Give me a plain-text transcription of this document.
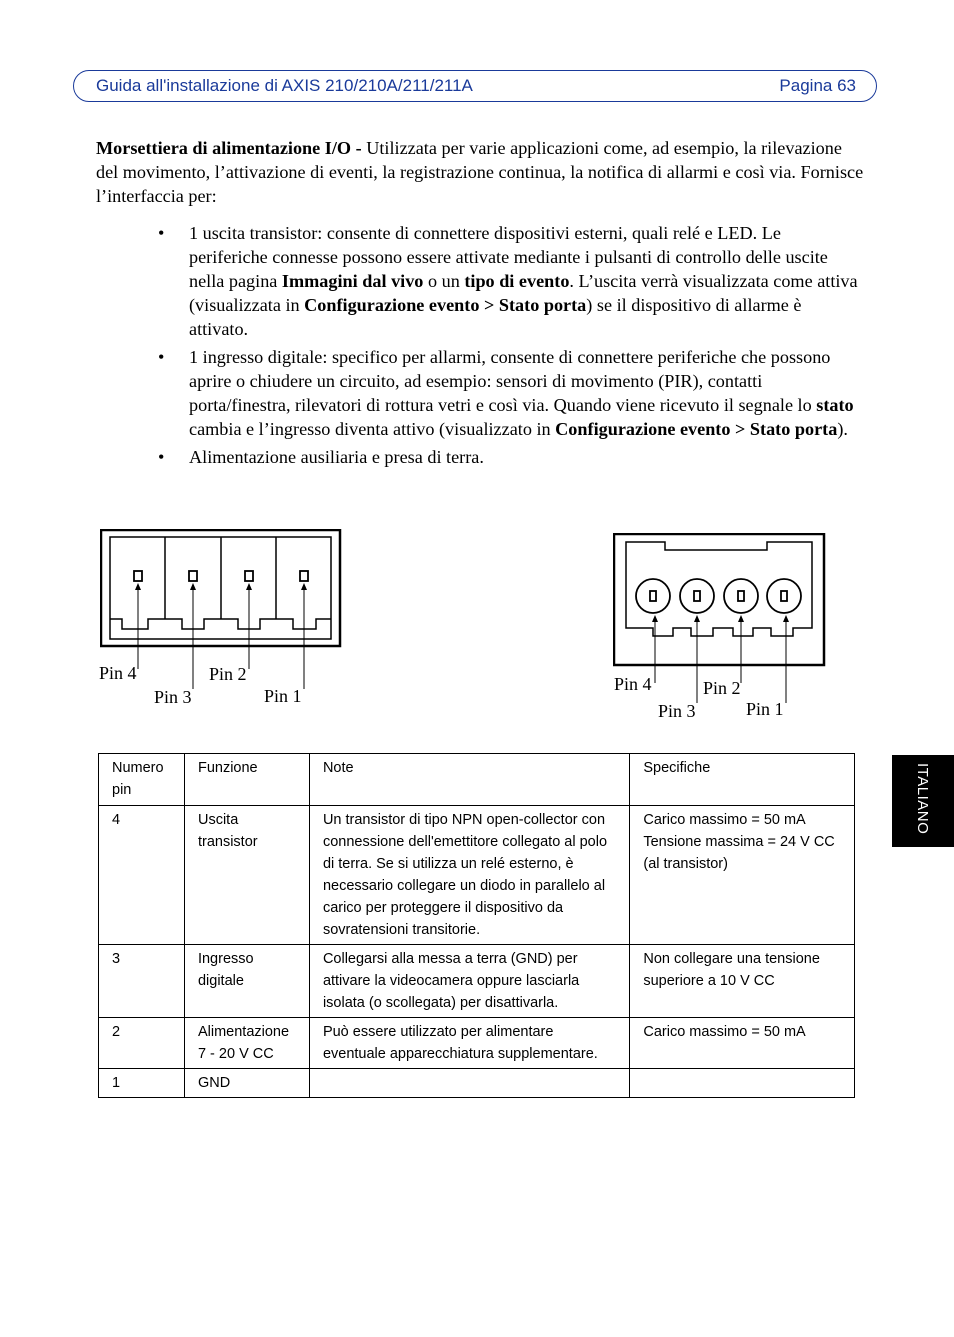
Guida all'installazione di AXIS 210/210A/211/211A	Pagina 63
ITALIANO
Morsettiera di alimentazione I/O - Utilizzata per varie applicazioni come, ad esempio, la rilevazione del movimento, l’attivazione di eventi, la registrazione continua, la notifica di allarmi e così via. Fornisce l’interfaccia per:
• 1 uscita transistor: consente di connettere dispositivi esterni, quali relé e LED. Le periferiche connesse possono essere attivate mediante i pulsanti di controllo delle uscite nella pagina Immagini dal vivo o un tipo di evento. L’uscita verrà visualizzata come attiva (visualizzata in Configurazione evento > Stato porta) se il dispositivo di allarme è attivato.
• 1 ingresso digitale: specifico per allarmi, consente di connettere periferiche che possono aprire o chiudere un circuito, ad esempio: sensori di movimento (PIR), contatti porta/finestra, rilevatori di rottura vetri e così via. Quando viene ricevuto il segnale lo stato cambia e l’ingresso diventa attivo (visualizzato in Configurazione evento > Stato porta).
• Alimentazione ausiliaria e presa di terra.
Pin 4
Pin 3
Pin 2
Pin 1
Pin 4
Pin 3
Pin 2
Pin 1
Numero pin	Funzione	Note	Specifiche
4	Uscita transistor	Un transistor di tipo NPN open-collector con connessione dell'emettitore collegato al polo di terra. Se si utilizza un relé esterno, è necessario collegare un diodo in parallelo al carico per proteggere il dispositivo da sovratensioni transitorie.	Carico massimo = 50 mA Tensione massima = 24 V CC (al transistor)
3	Ingresso digitale	Collegarsi alla messa a terra (GND) per attivare la videocamera oppure lasciarla isolata (o scollegata) per disattivarla.	Non collegare una tensione superiore a 10 V CC
2	Alimentazione 7 - 20 V CC	Può essere utilizzato per alimentare eventuale apparecchiatura supplementare.	Carico massimo = 50 mA
1	GND		
